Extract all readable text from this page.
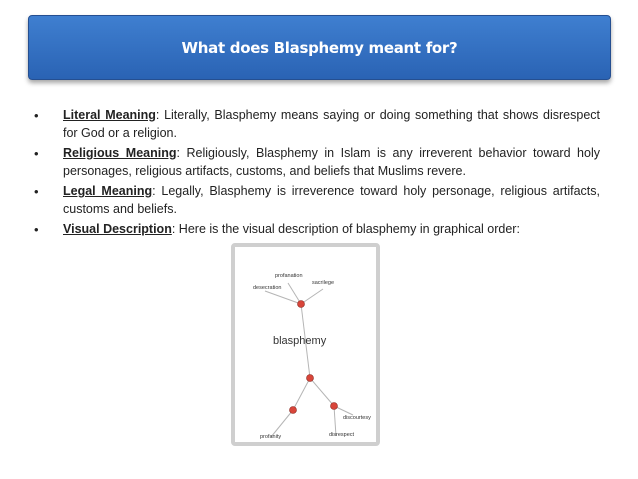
What does Blasphemy meant for?
• Literal Meaning: Literally, Blasphemy means saying or doing something that shows disrespect for God or a religion.
• Religious Meaning: Religiously, Blasphemy in Islam is any irreverent behavior toward holy personages, religious artifacts, customs, and beliefs that Muslims revere.
• Legal Meaning: Legally, Blasphemy is irreverence toward holy personage, religious artifacts, customs and beliefs.
• Visual Description: Here is the visual description of blasphemy in graphical order:
profanation
desecration
sacrilege
blasphemy
profanity	disrespect
discourtesy
